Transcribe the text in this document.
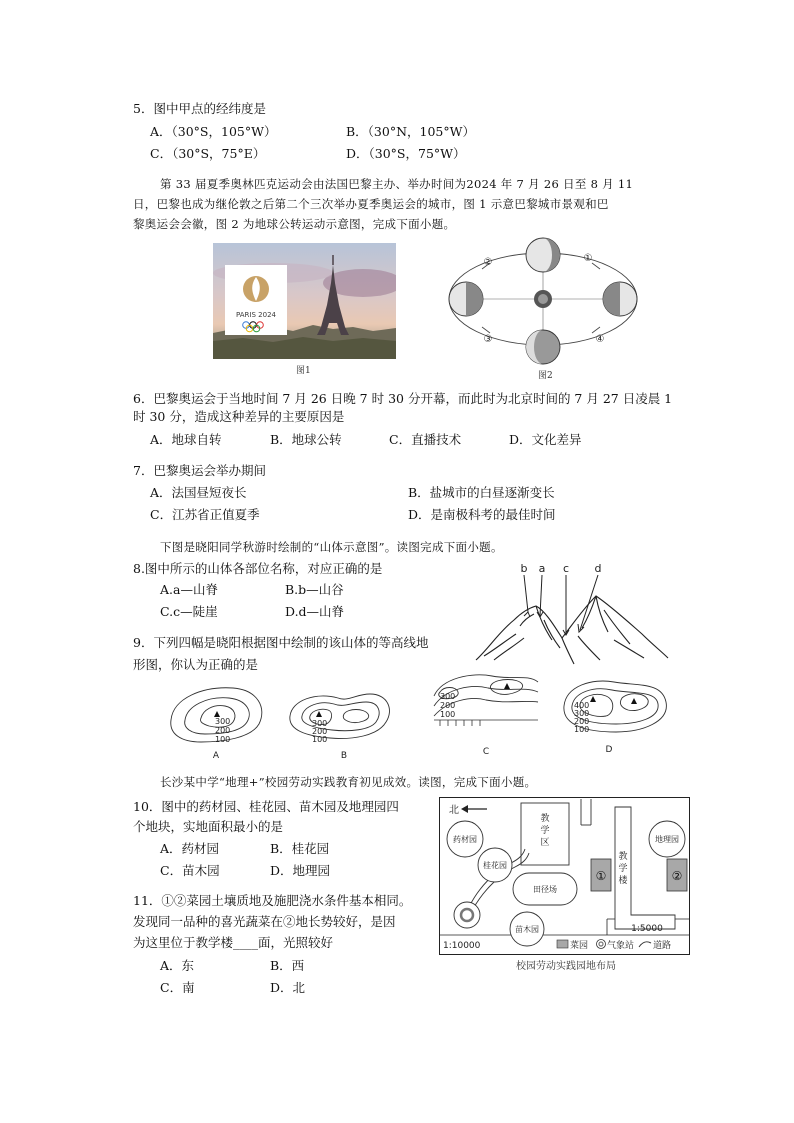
5．图中甲点的经纬度是
A．（30°S，105°W）	B．（30°N，105°W）
C．（30°S，75°E）	D．（30°S，75°W）
第 33 届夏季奥林匹克运动会由法国巴黎主办、举办时间为2024 年 7 月 26 日至 8 月 11
日，巴黎也成为继伦敦之后第二个三次举办夏季奥运会的城市，图 1 示意巴黎城市景观和巴
黎奥运会会徽，图 2 为地球公转运动示意图，完成下面小题。
PARIS 2024
图1
②	①
③	④
图2
6．巴黎奥运会于当地时间 7 月 26 日晚 7 时 30 分开幕，而此时为北京时间的 7 月 27 日凌晨 1
时 30 分，造成这种差异的主要原因是
A．地球自转	B．地球公转	C．直播技术	D．文化差异
7．巴黎奥运会举办期间
A．法国昼短夜长	B．盐城市的白昼逐渐变长
C．江苏省正值夏季	D．是南极科考的最佳时间
下图是晓阳同学秋游时绘制的“山体示意图”。读图完成下面小题。
8.图中所示的山体各部位名称，对应正确的是
A.a—山脊	B.b—山谷
C.c—陡崖	D.d—山脊
b a c d
9．下列四幅是晓阳根据图中绘制的该山体的等高线地
形图，你认为正确的是
300
200
100
A
300
200
100
B
300
200
100
C
400
300
200
100
D
长沙某中学“地理+”校园劳动实践教育初见成效。读图，完成下面小题。
10．图中的药材园、桂花园、苗木园及地理园四
个地块，实地面积最小的是
A．药材园	B．桂花园
C．苗木园	D．地理园
11．①②菜园土壤质地及施肥浇水条件基本相同。
发现同一品种的喜光蔬菜在②地长势较好，是因
为这里位于教学楼____面，光照较好
A．东	B．西
C．南	D．北
北
教
学
区
教
学
楼
药材园
桂花园
田径场
苗木园
地理园
①	②
1:10000
1:5000
菜园 气象站 道路
校园劳动实践园地布局
